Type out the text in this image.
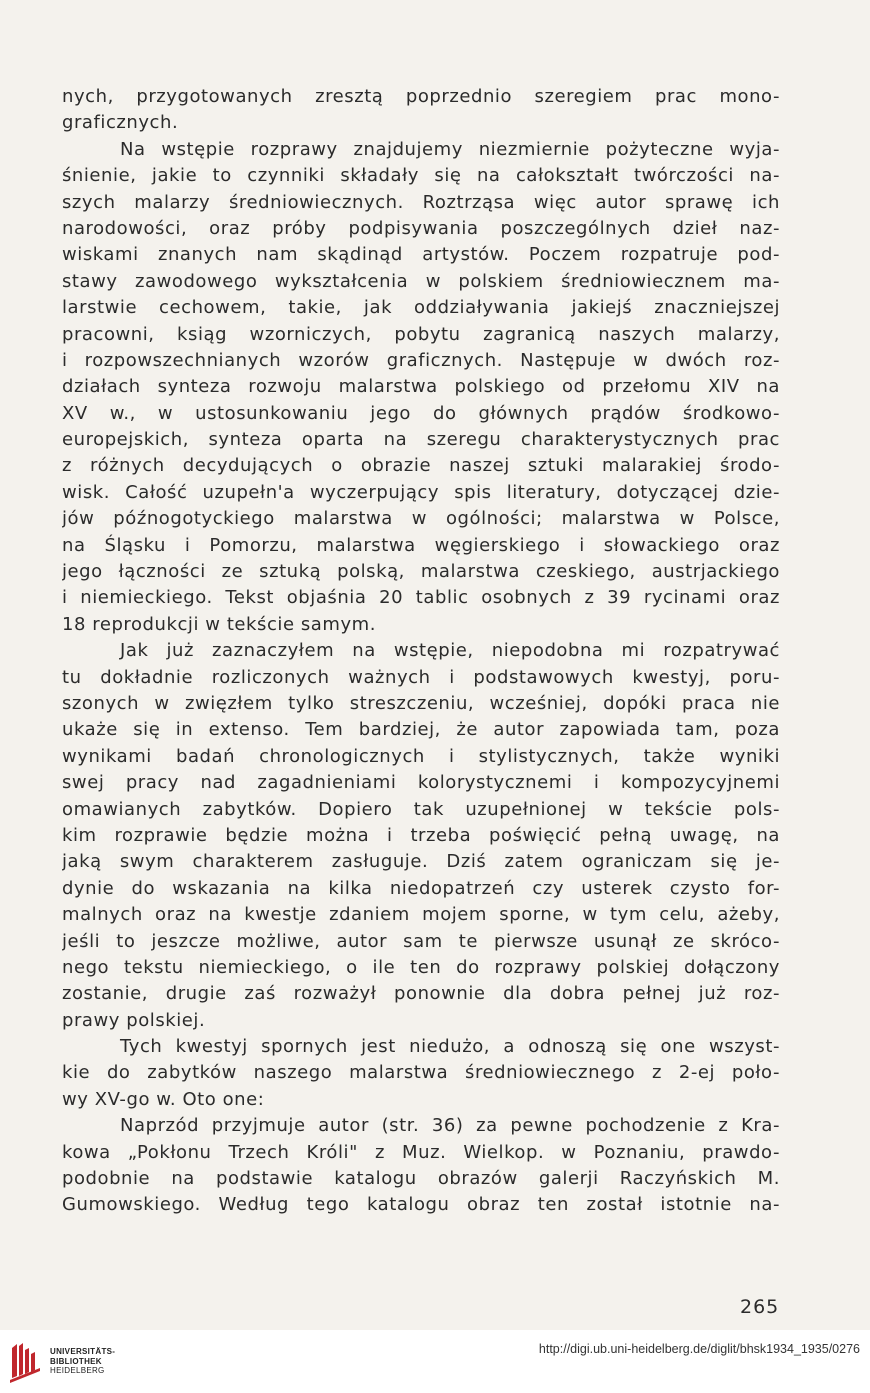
nych, przygotowanych zresztą poprzednio szeregiem prac mono-
graficznych.
Na wstępie rozprawy znajdujemy niezmiernie pożyteczne wyja-
śnienie, jakie to czynniki składały się na całokształt twórczości na-
szych malarzy średniowiecznych. Roztrząsa więc autor sprawę ich
narodowości, oraz próby podpisywania poszczególnych dzieł naz-
wiskami znanych nam skądinąd artystów. Poczem rozpatruje pod-
stawy zawodowego wykształcenia w polskiem średniowiecznem ma-
larstwie cechowem, takie, jak oddziaływania jakiejś znaczniejszej
pracowni, ksiąg wzorniczych, pobytu zagranicą naszych malarzy,
i rozpowszechnianych wzorów graficznych. Następuje w dwóch roz-
działach synteza rozwoju malarstwa polskiego od przełomu XIV na
XV w., w ustosunkowaniu jego do głównych prądów środkowo-
europejskich, synteza oparta na szeregu charakterystycznych prac
z różnych decydujących o obrazie naszej sztuki malarakiej środo-
wisk. Całość uzupełn'a wyczerpujący spis literatury, dotyczącej dzie-
jów późnogotyckiego malarstwa w ogólności; malarstwa w Polsce,
na Śląsku i Pomorzu, malarstwa węgierskiego i słowackiego oraz
jego łączności ze sztuką polską, malarstwa czeskiego, austrjackiego
i niemieckiego. Tekst objaśnia 20 tablic osobnych z 39 rycinami oraz
18 reprodukcji w tekście samym.
Jak już zaznaczyłem na wstępie, niepodobna mi rozpatrywać
tu dokładnie rozliczonych ważnych i podstawowych kwestyj, poru-
szonych w zwięzłem tylko streszczeniu, wcześniej, dopóki praca nie
ukaże się in extenso. Tem bardziej, że autor zapowiada tam, poza
wynikami badań chronologicznych i stylistycznych, także wyniki
swej pracy nad zagadnieniami kolorystycznemi i kompozycyjnemi
omawianych zabytków. Dopiero tak uzupełnionej w tekście pols-
kim rozprawie będzie można i trzeba poświęcić pełną uwagę, na
jaką swym charakterem zasługuje. Dziś zatem ograniczam się je-
dynie do wskazania na kilka niedopatrzeń czy usterek czysto for-
malnych oraz na kwestje zdaniem mojem sporne, w tym celu, ażeby,
jeśli to jeszcze możliwe, autor sam te pierwsze usunął ze skróco-
nego tekstu niemieckiego, o ile ten do rozprawy polskiej dołączony
zostanie, drugie zaś rozważył ponownie dla dobra pełnej już roz-
prawy polskiej.
Tych kwestyj spornych jest niedużo, a odnoszą się one wszyst-
kie do zabytków naszego malarstwa średniowiecznego z 2-ej poło-
wy XV-go w. Oto one:
Naprzód przyjmuje autor (str. 36) za pewne pochodzenie z Kra-
kowa „Pokłonu Trzech Króli" z Muz. Wielkop. w Poznaniu, prawdo-
podobnie na podstawie katalogu obrazów galerji Raczyńskich M.
Gumowskiego. Według tego katalogu obraz ten został istotnie na-
265
UNIVERSITÄTS-
BIBLIOTHEK
HEIDELBERG
http://digi.ub.uni-heidelberg.de/diglit/bhsk1934_1935/0276
